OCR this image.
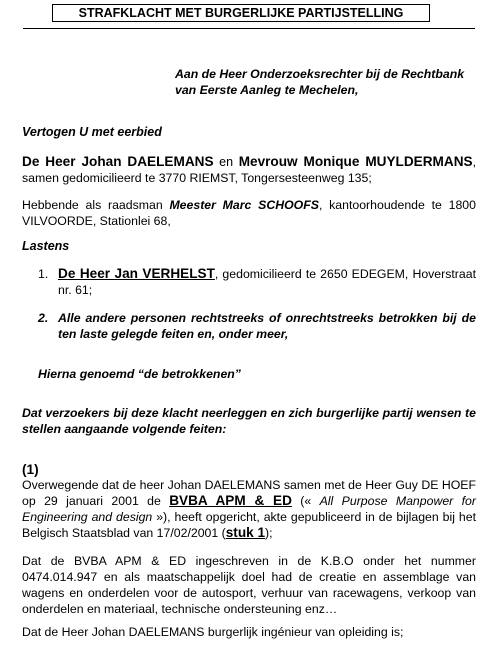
STRAFKLACHT MET BURGERLIJKE PARTIJSTELLING
Aan de Heer Onderzoeksrechter bij de Rechtbank
van Eerste Aanleg te Mechelen,
Vertogen U met eerbied
De Heer Johan DAELEMANS en Mevrouw Monique MUYLDERMANS, samen gedomicilieerd te 3770 RIEMST, Tongersesteenweg 135;
Hebbende als raadsman Meester Marc SCHOOFS, kantoorhoudende te 1800 VILVOORDE, Stationlei 68,
Lastens
1. De Heer Jan VERHELST, gedomicilieerd te 2650 EDEGEM, Hoverstraat nr. 61;
2. Alle andere personen rechtstreeks of onrechtstreeks betrokken bij de ten laste gelegde feiten en, onder meer,
Hierna genoemd “de betrokkenen”
Dat verzoekers bij deze klacht neerleggen en zich burgerlijke partij wensen te stellen aangaande volgende feiten:
(1)
Overwegende dat de heer Johan DAELEMANS samen met de Heer Guy DE HOEF op 29 januari 2001 de BVBA APM & ED (« All Purpose Manpower for Engineering and design »), heeft opgericht, akte gepubliceerd in de bijlagen bij het Belgisch Staatsblad van 17/02/2001 (stuk 1);
Dat de BVBA APM & ED ingeschreven in de K.B.O onder het nummer 0474.014.947 en als maatschappelijk doel had de creatie en assemblage van wagens en onderdelen voor de autosport, verhuur van racewagens, verkoop van onderdelen en materiaal, technische ondersteuning enz…
Dat de Heer Johan DAELEMANS burgerlijk ingénieur van opleiding is;
